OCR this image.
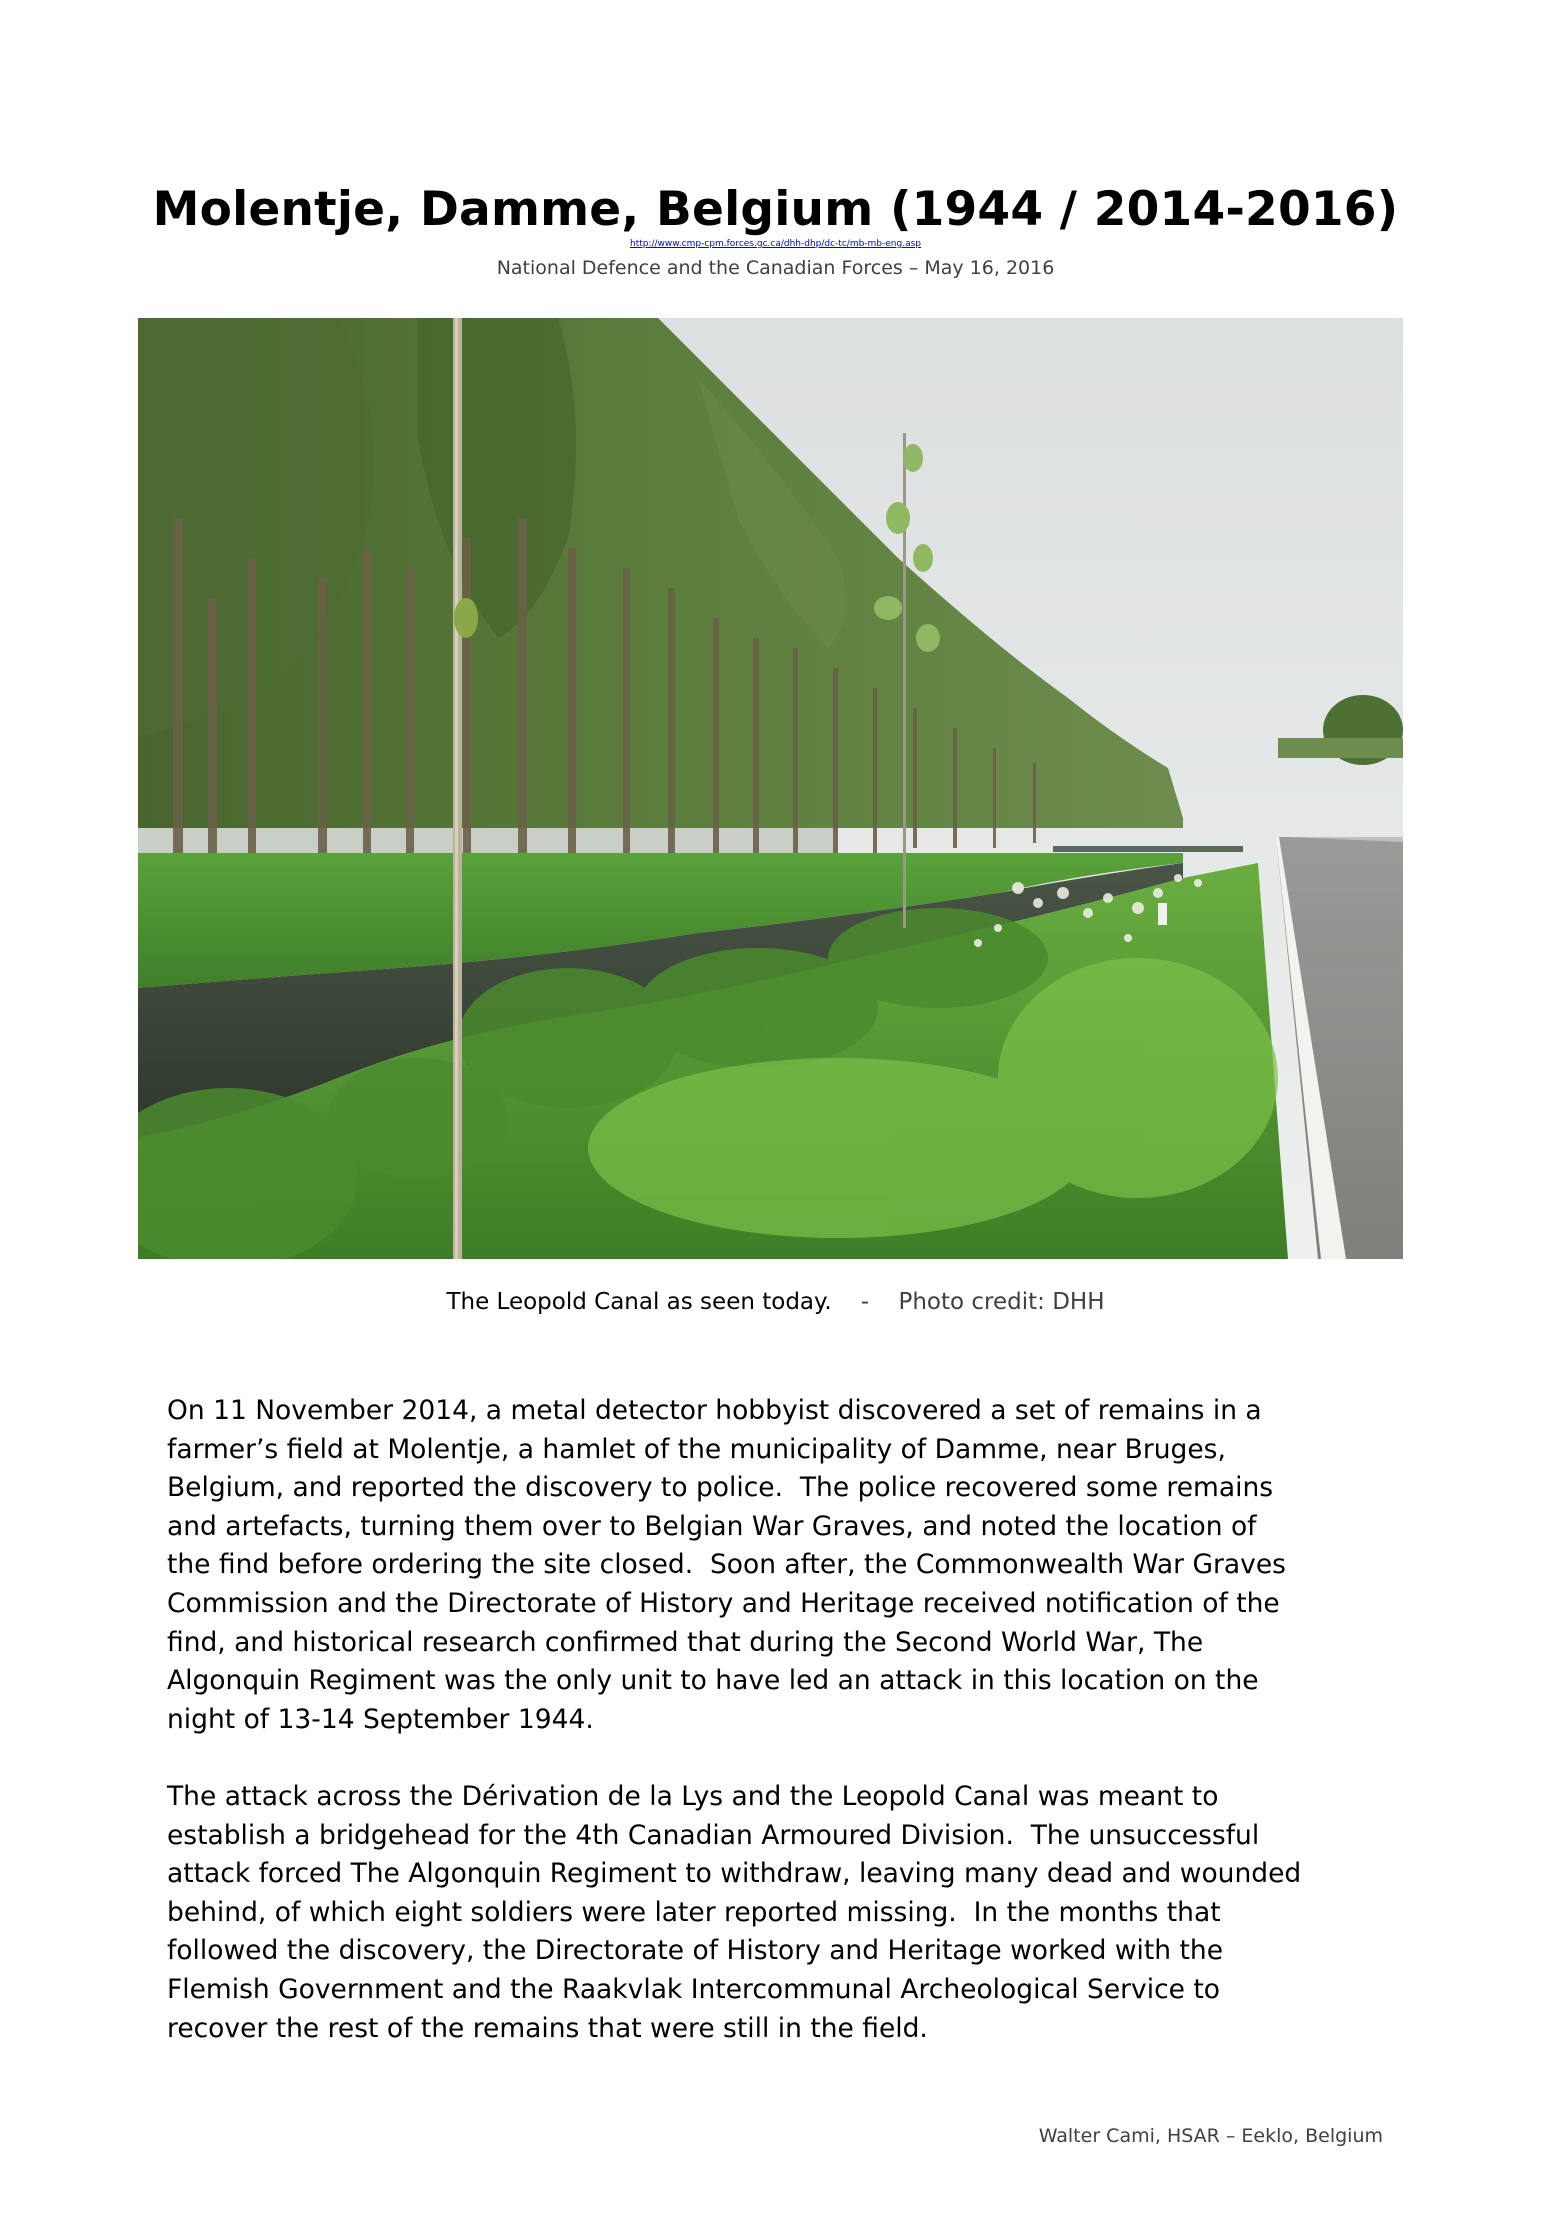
Molentje, Damme, Belgium (1944 / 2014-2016)
http://www.cmp-cpm.forces.gc.ca/dhh-dhp/dc-tc/mb-mb-eng.asp
National Defence and the Canadian Forces – May 16, 2016
The Leopold Canal as seen today. - Photo credit: DHH
On 11 November 2014, a metal detector hobbyist discovered a set of remains in a
farmer’s field at Molentje, a hamlet of the municipality of Damme, near Bruges,
Belgium, and reported the discovery to police.  The police recovered some remains
and artefacts, turning them over to Belgian War Graves, and noted the location of
the find before ordering the site closed.  Soon after, the Commonwealth War Graves
Commission and the Directorate of History and Heritage received notification of the
find, and historical research confirmed that during the Second World War, The
Algonquin Regiment was the only unit to have led an attack in this location on the
night of 13-14 September 1944.
The attack across the Dérivation de la Lys and the Leopold Canal was meant to
establish a bridgehead for the 4th Canadian Armoured Division.  The unsuccessful
attack forced The Algonquin Regiment to withdraw, leaving many dead and wounded
behind, of which eight soldiers were later reported missing.  In the months that
followed the discovery, the Directorate of History and Heritage worked with the
Flemish Government and the Raakvlak Intercommunal Archeological Service to
recover the rest of the remains that were still in the field.
Walter Cami, HSAR – Eeklo, Belgium
